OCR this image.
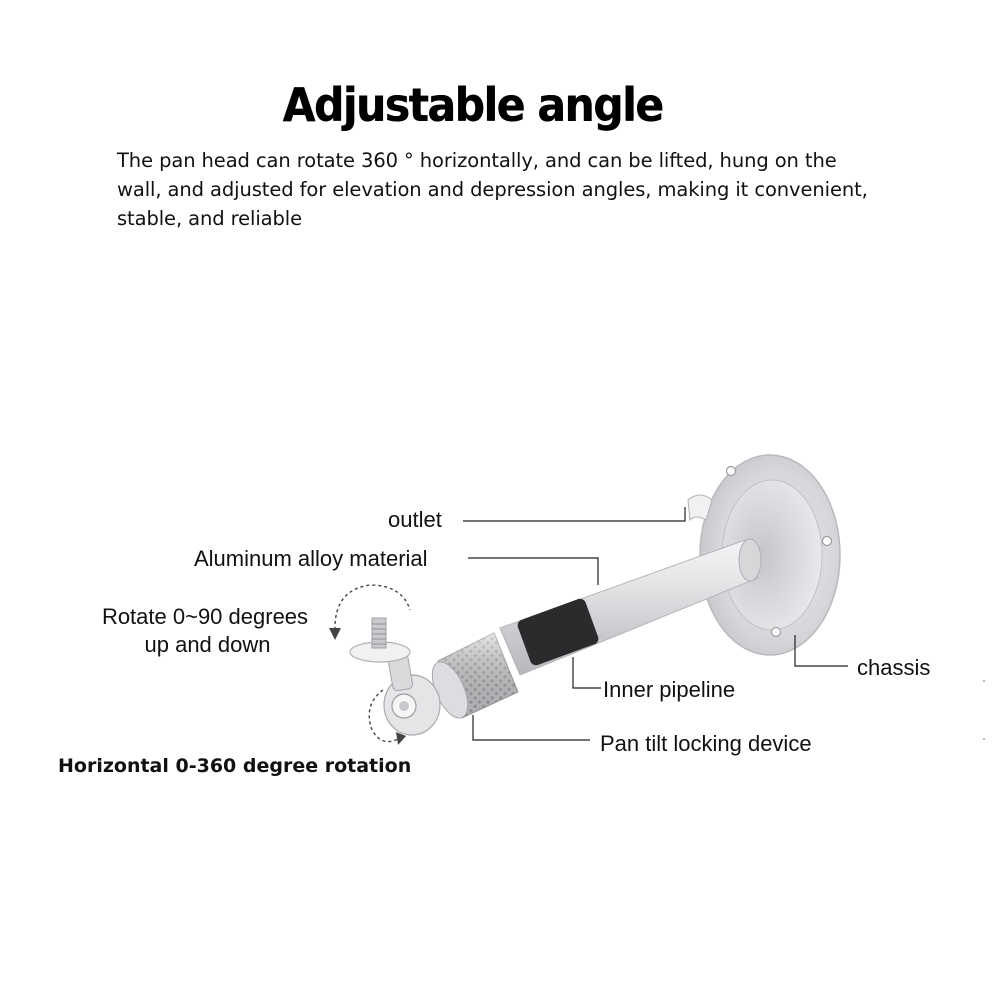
Adjustable angle
The pan head can rotate 360 ° horizontally, and can be lifted, hung on the wall, and adjusted for elevation and depression angles, making it convenient, stable, and reliable
outlet
Aluminum alloy material
Rotate 0~90 degrees
up and down
chassis
Inner pipeline
Pan tilt locking device
Horizontal 0-360 degree rotation
